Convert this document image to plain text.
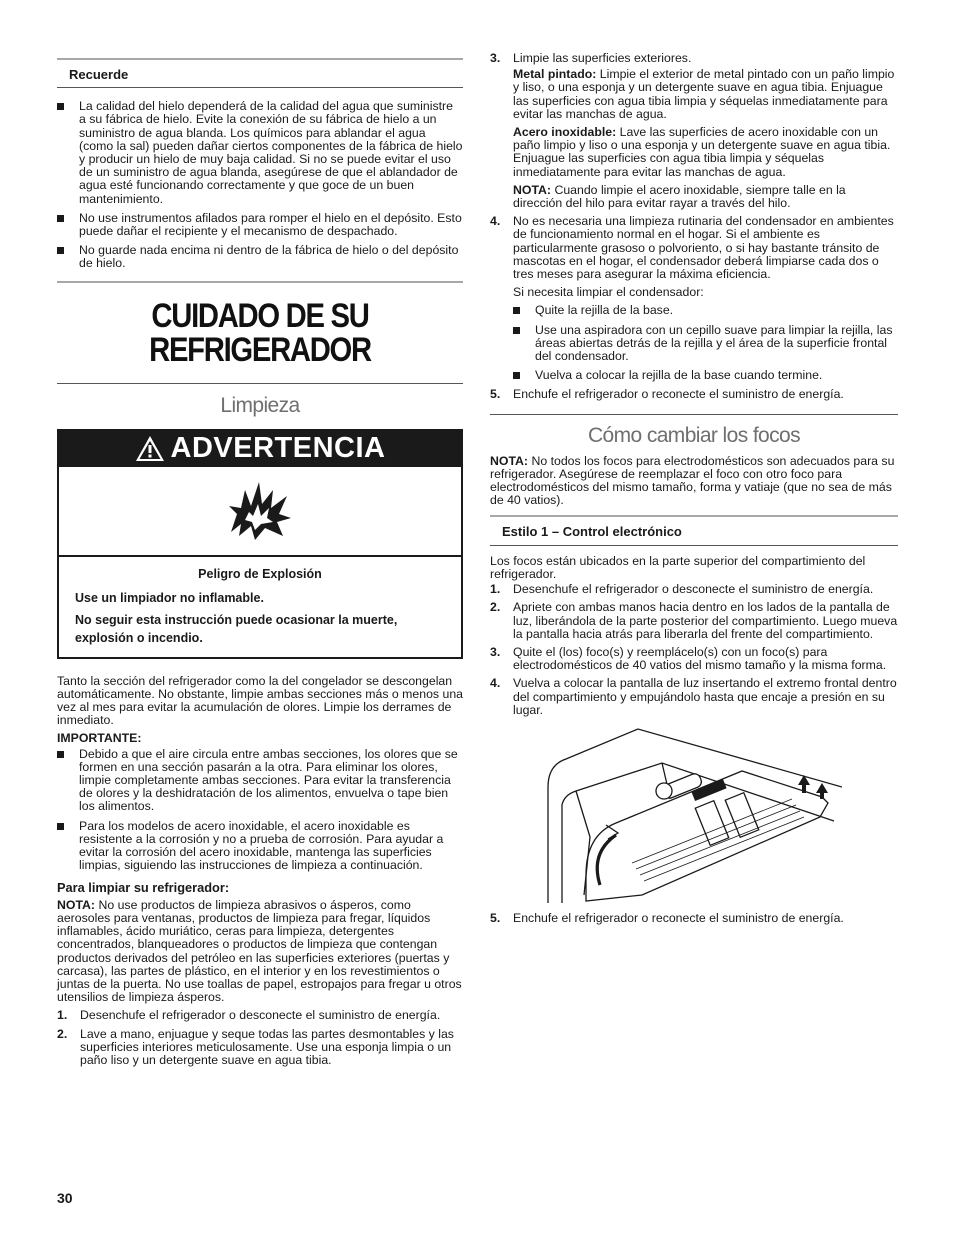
Recuerde
La calidad del hielo dependerá de la calidad del agua que suministre a su fábrica de hielo. Evite la conexión de su fábrica de hielo a un suministro de agua blanda. Los químicos para ablandar el agua (como la sal) pueden dañar ciertos componentes de la fábrica de hielo y producir un hielo de muy baja calidad. Si no se puede evitar el uso de un suministro de agua blanda, asegúrese de que el ablandador de agua esté funcionando correctamente y que goce de un buen mantenimiento.
No use instrumentos afilados para romper el hielo en el depósito. Esto puede dañar el recipiente y el mecanismo de despachado.
No guarde nada encima ni dentro de la fábrica de hielo o del depósito de hielo.
CUIDADO DE SU
REFRIGERADOR
Limpieza
ADVERTENCIA
Peligro de Explosión
Use un limpiador no inflamable.
No seguir esta instrucción puede ocasionar la muerte, explosión o incendio.
Tanto la sección del refrigerador como la del congelador se descongelan automáticamente. No obstante, limpie ambas secciones más o menos una vez al mes para evitar la acumulación de olores. Limpie los derrames de inmediato.
IMPORTANTE:
Debido a que el aire circula entre ambas secciones, los olores que se formen en una sección pasarán a la otra. Para eliminar los olores, limpie completamente ambas secciones. Para evitar la transferencia de olores y la deshidratación de los alimentos, envuelva o tape bien los alimentos.
Para los modelos de acero inoxidable, el acero inoxidable es resistente a la corrosión y no a prueba de corrosión. Para ayudar a evitar la corrosión del acero inoxidable, mantenga las superficies limpias, siguiendo las instrucciones de limpieza a continuación.
Para limpiar su refrigerador:
NOTA: No use productos de limpieza abrasivos o ásperos, como aerosoles para ventanas, productos de limpieza para fregar, líquidos inflamables, ácido muriático, ceras para limpieza, detergentes concentrados, blanqueadores o productos de limpieza que contengan productos derivados del petróleo en las superficies exteriores (puertas y carcasa), las partes de plástico, en el interior y en los revestimientos o juntas de la puerta. No use toallas de papel, estropajos para fregar u otros utensilios de limpieza ásperos.
1. Desenchufe el refrigerador o desconecte el suministro de energía.
2. Lave a mano, enjuague y seque todas las partes desmontables y las superficies interiores meticulosamente. Use una esponja limpia o un paño liso y un detergente suave en agua tibia.
3. Limpie las superficies exteriores.
Metal pintado: Limpie el exterior de metal pintado con un paño limpio y liso, o una esponja y un detergente suave en agua tibia. Enjuague las superficies con agua tibia limpia y séquelas inmediatamente para evitar las manchas de agua.
Acero inoxidable: Lave las superficies de acero inoxidable con un paño limpio y liso o una esponja y un detergente suave en agua tibia. Enjuague las superficies con agua tibia limpia y séquelas inmediatamente para evitar las manchas de agua.
NOTA: Cuando limpie el acero inoxidable, siempre talle en la dirección del hilo para evitar rayar a través del hilo.
4. No es necesaria una limpieza rutinaria del condensador en ambientes de funcionamiento normal en el hogar. Si el ambiente es particularmente grasoso o polvoriento, o si hay bastante tránsito de mascotas en el hogar, el condensador deberá limpiarse cada dos o tres meses para asegurar la máxima eficiencia.
Si necesita limpiar el condensador:
Quite la rejilla de la base.
Use una aspiradora con un cepillo suave para limpiar la rejilla, las áreas abiertas detrás de la rejilla y el área de la superficie frontal del condensador.
Vuelva a colocar la rejilla de la base cuando termine.
5. Enchufe el refrigerador o reconecte el suministro de energía.
Cómo cambiar los focos
NOTA: No todos los focos para electrodomésticos son adecuados para su refrigerador. Asegúrese de reemplazar el foco con otro foco para electrodomésticos del mismo tamaño, forma y vatiaje (que no sea de más de 40 vatios).
Estilo 1 – Control electrónico
Los focos están ubicados en la parte superior del compartimiento del refrigerador.
1. Desenchufe el refrigerador o desconecte el suministro de energía.
2. Apriete con ambas manos hacia dentro en los lados de la pantalla de luz, liberándola de la parte posterior del compartimiento. Luego mueva la pantalla hacia atrás para liberarla del frente del compartimiento.
3. Quite el (los) foco(s) y reemplácelo(s) con un foco(s) para electrodomésticos de 40 vatios del mismo tamaño y la misma forma.
4. Vuelva a colocar la pantalla de luz insertando el extremo frontal dentro del compartimiento y empujándolo hasta que encaje a presión en su lugar.
5. Enchufe el refrigerador o reconecte el suministro de energía.
30
